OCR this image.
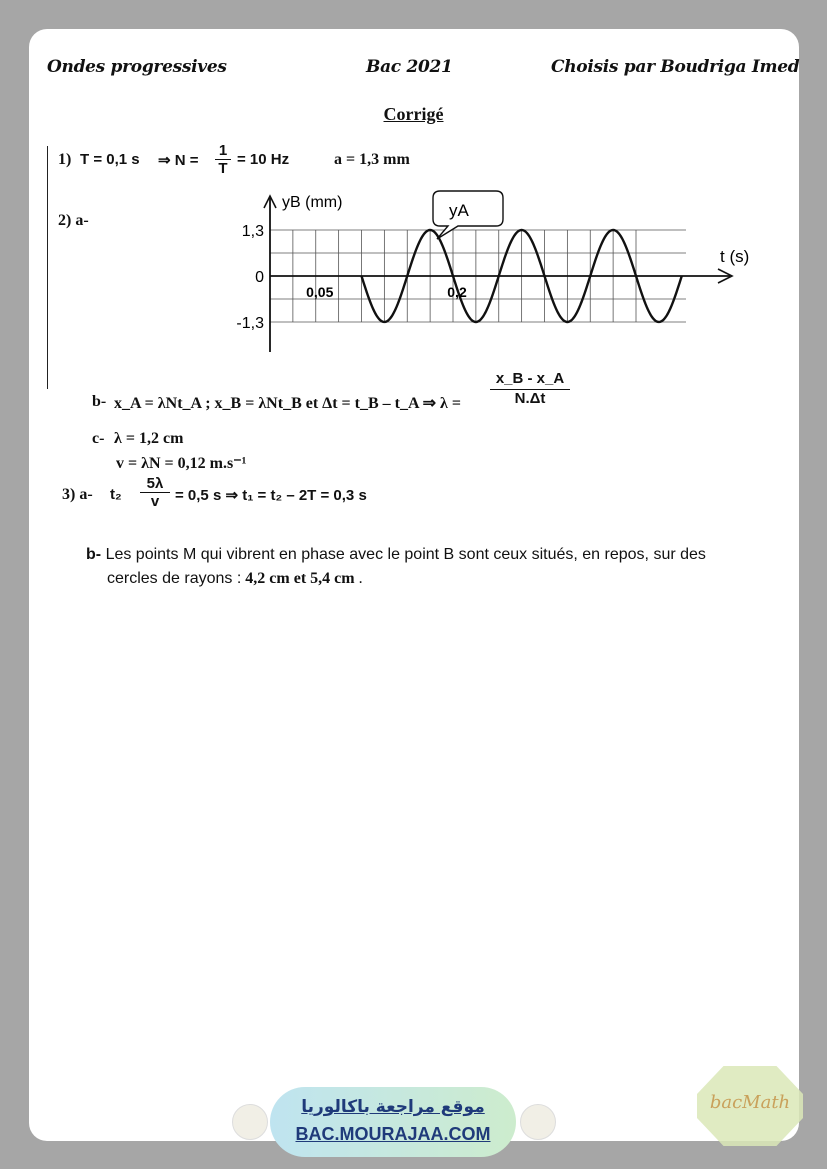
Ondes progressives	Bac 2021	Choisis par Boudriga Imed
Corrigé
1) T = 0,1 s ⇒ $N = \frac{1}{T} = 10$ Hz	a = 1,3 mm
2) a-
yB (mm)
t (s)
yA
1,3
0
-1,3
0,05	0,2
b- x_A = λNt_A ; x_B = λNt_B et Δt = t_B – t_A ⇒ $\lambda = \frac{x\_B - x\_A}{N.\Delta t}$
c- λ = 1,2 cm
v = λN = 0,12 m.s⁻¹
3) a- $t_2 \frac{5\lambda}{v} = 0,5$ s ⇒ t₁ = t₂ – 2T = 0,3 s
b- Les points M qui vibrent en phase avec le point B sont ceux situés, en repos, sur des
cercles de rayons : 4,2 cm et 5,4 cm .
موقع مراجعة باكالوريا
BAC.MOURAJAA.COM
bacMath
